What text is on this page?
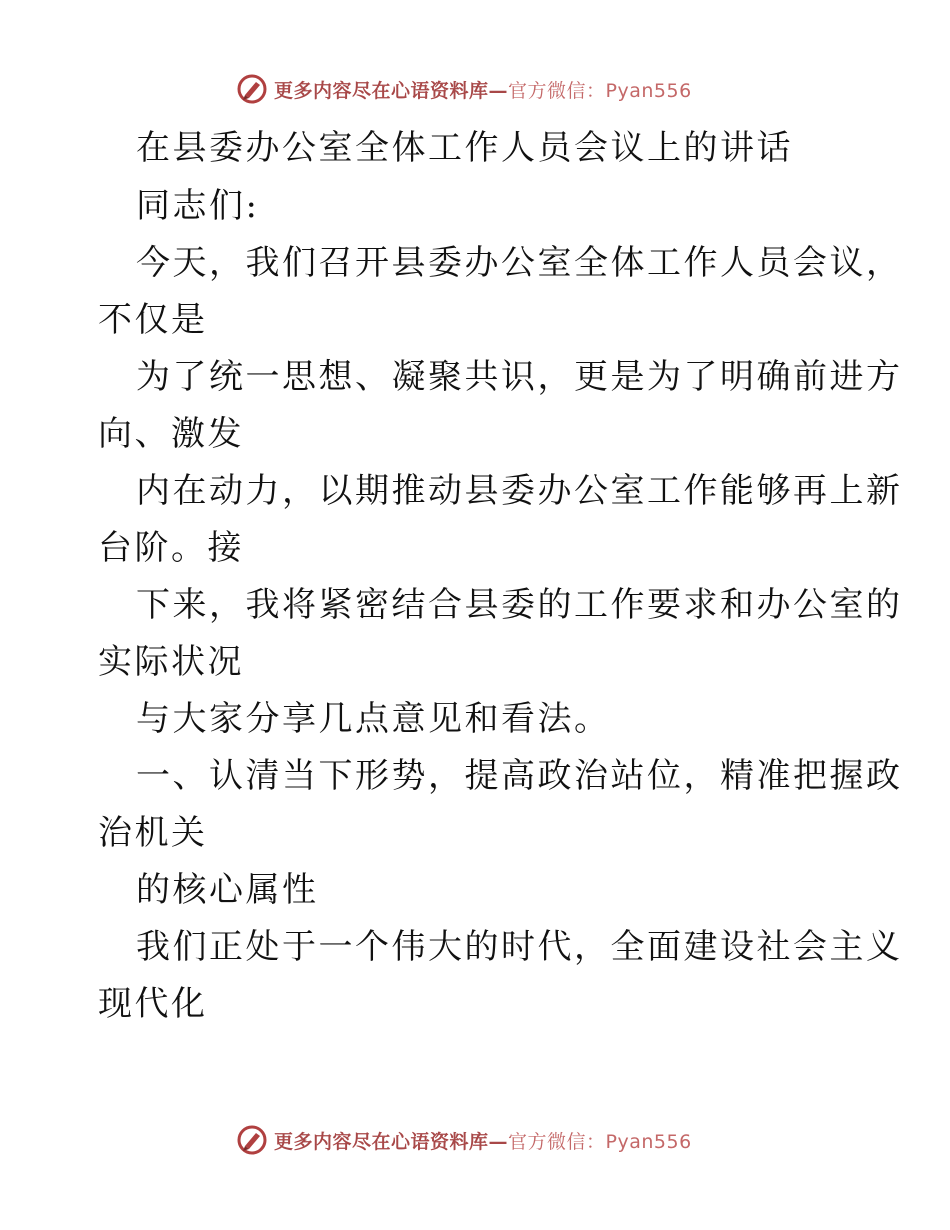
更多内容尽在心语资料库—官方微信：Pyan556
在县委办公室全体工作人员会议上的讲话
同志们:
今天，我们召开县委办公室全体工作人员会议，
不仅是
为了统一思想、凝聚共识，更是为了明确前进方
向、激发
内在动力，以期推动县委办公室工作能够再上新
台阶。接
下来，我将紧密结合县委的工作要求和办公室的
实际状况
与大家分享几点意见和看法。
一、认清当下形势，提高政治站位，精准把握政
治机关
的核心属性
我们正处于一个伟大的时代，全面建设社会主义
现代化
更多内容尽在心语资料库—官方微信：Pyan556
